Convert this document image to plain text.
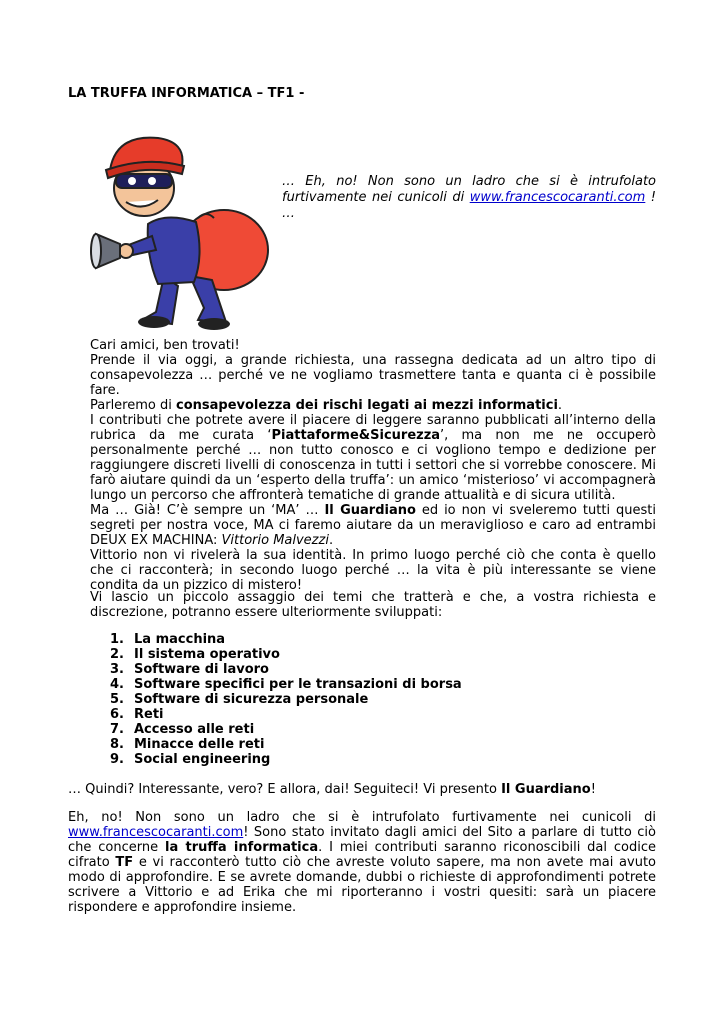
LA TRUFFA INFORMATICA – TF1 -

… Eh, no! Non sono un ladro che si è intrufolato furtivamente nei cunicoli di www.francescocaranti.com ! …

Cari amici, ben trovati!
Prende il via oggi, a grande richiesta, una rassegna dedicata ad un altro tipo di consapevolezza … perché ve ne vogliamo trasmettere tanta e quanta ci è possibile fare.
Parleremo di consapevolezza dei rischi legati ai mezzi informatici.
I contributi che potrete avere il piacere di leggere saranno pubblicati all’interno della rubrica da me curata ‘Piattaforme&Sicurezza’, ma non me ne occuperò personalmente perché … non tutto conosco e ci vogliono tempo e dedizione per raggiungere discreti livelli di conoscenza in tutti i settori che si vorrebbe conoscere. Mi farò aiutare quindi da un ‘esperto della truffa’: un amico ‘misterioso’ vi accompagnerà lungo un percorso che affronterà tematiche di grande attualità e di sicura utilità.
Ma … Già! C’è sempre un ‘MA’ … Il Guardiano ed io non vi sveleremo tutti questi segreti per nostra voce, MA ci faremo aiutare da un meraviglioso e caro ad entrambi DEUX EX MACHINA: Vittorio Malvezzi.
Vittorio non vi rivelerà la sua identità. In primo luogo perché ciò che conta è quello che ci racconterà; in secondo luogo perché … la vita è più interessante se viene condita da un pizzico di mistero!

Vi lascio un piccolo assaggio dei temi che tratterà e che, a vostra richiesta e discrezione, potranno essere ulteriormente sviluppati:

1. La macchina
2. Il sistema operativo
3. Software di lavoro
4. Software specifici per le transazioni di borsa
5. Software di sicurezza personale
6. Reti
7. Accesso alle reti
8. Minacce delle reti
9. Social engineering

… Quindi? Interessante, vero? E allora, dai! Seguiteci! Vi presento Il Guardiano!

Eh, no! Non sono un ladro che si è intrufolato furtivamente nei cunicoli di www.francescocaranti.com! Sono stato invitato dagli amici del Sito a parlare di tutto ciò che concerne la truffa informatica. I miei contributi saranno riconoscibili dal codice cifrato TF e vi racconterò tutto ciò che avreste voluto sapere, ma non avete mai avuto modo di approfondire. E se avrete domande, dubbi o richieste di approfondimenti potrete scrivere a Vittorio e ad Erika che mi riporteranno i vostri quesiti: sarà un piacere rispondere e approfondire insieme.
